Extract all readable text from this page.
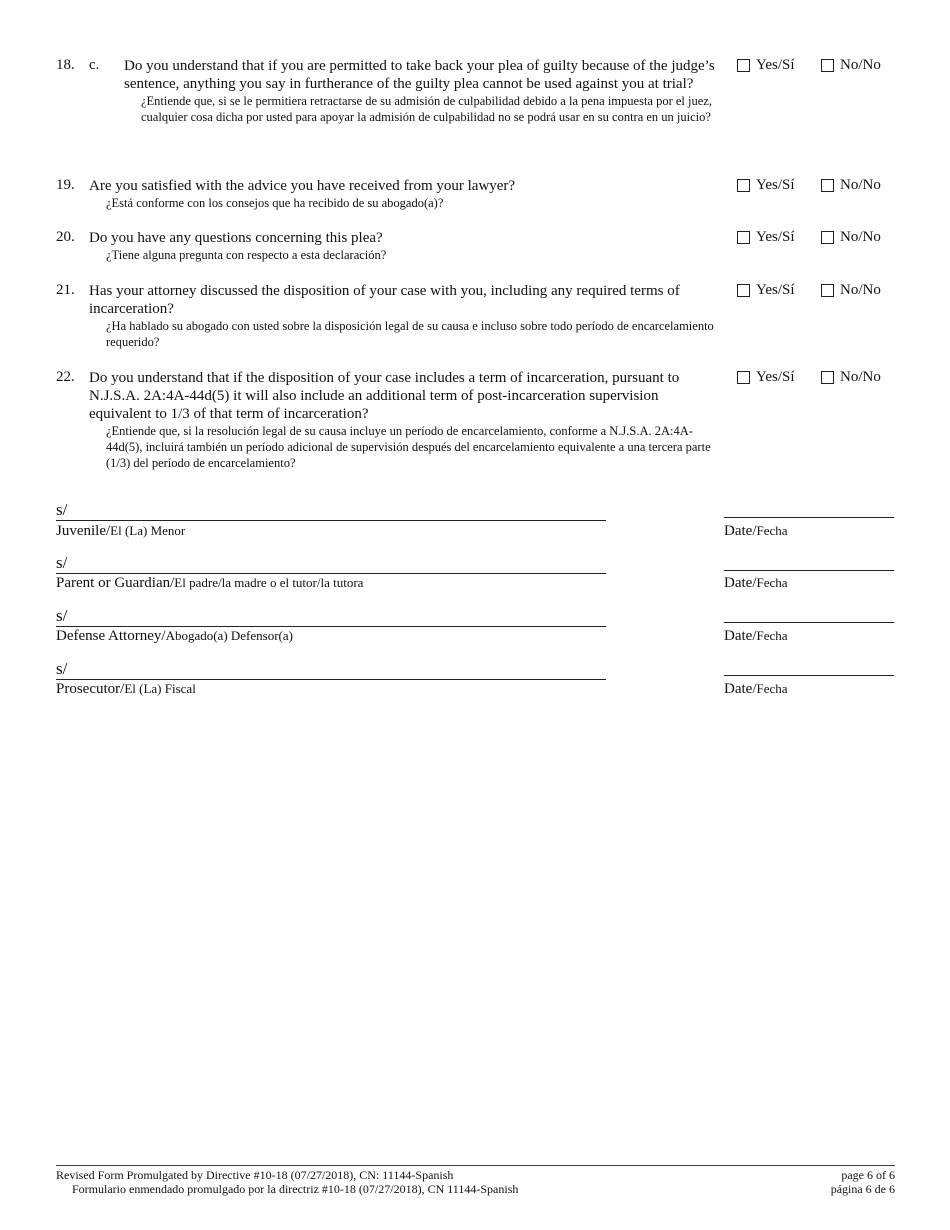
18. c. Do you understand that if you are permitted to take back your plea of guilty because of the judge’s sentence, anything you say in furtherance of the guilty plea cannot be used against you at trial?
¿Entiende que, si se le permitiera retractarse de su admisión de culpabilidad debido a la pena impuesta por el juez, cualquier cosa dicha por usted para apoyar la admisión de culpabilidad no se podrá usar en su contra en un juicio?
Yes/Sí	No/No
19. Are you satisfied with the advice you have received from your lawyer?
¿Está conforme con los consejos que ha recibido de su abogado(a)?
Yes/Sí	No/No
20. Do you have any questions concerning this plea?
¿Tiene alguna pregunta con respecto a esta declaración?
Yes/Sí	No/No
21. Has your attorney discussed the disposition of your case with you, including any required terms of incarceration?
¿Ha hablado su abogado con usted sobre la disposición legal de su causa e incluso sobre todo período de encarcelamiento requerido?
Yes/Sí	No/No
22. Do you understand that if the disposition of your case includes a term of incarceration, pursuant to N.J.S.A. 2A:4A-44d(5) it will also include an additional term of post-incarceration supervision equivalent to 1/3 of that term of incarceration?
¿Entiende que, si la resolución legal de su causa incluye un período de encarcelamiento, conforme a N.J.S.A. 2A:4A-44d(5), incluirá también un período adicional de supervisión después del encarcelamiento equivalente a una tercera parte (1/3) del período de encarcelamiento?
Yes/Sí	No/No
s/
Juvenile/El (La) Menor	Date/Fecha
s/
Parent or Guardian/El padre/la madre o el tutor/la tutora	Date/Fecha
s/
Defense Attorney/Abogado(a) Defensor(a)	Date/Fecha
s/
Prosecutor/El (La) Fiscal	Date/Fecha
Revised Form Promulgated by Directive #10-18 (07/27/2018), CN: 11144-Spanish
Formulario enmendado promulgado por la directriz #10-18 (07/27/2018), CN 11144-Spanish
page 6 of 6
página 6 de 6
